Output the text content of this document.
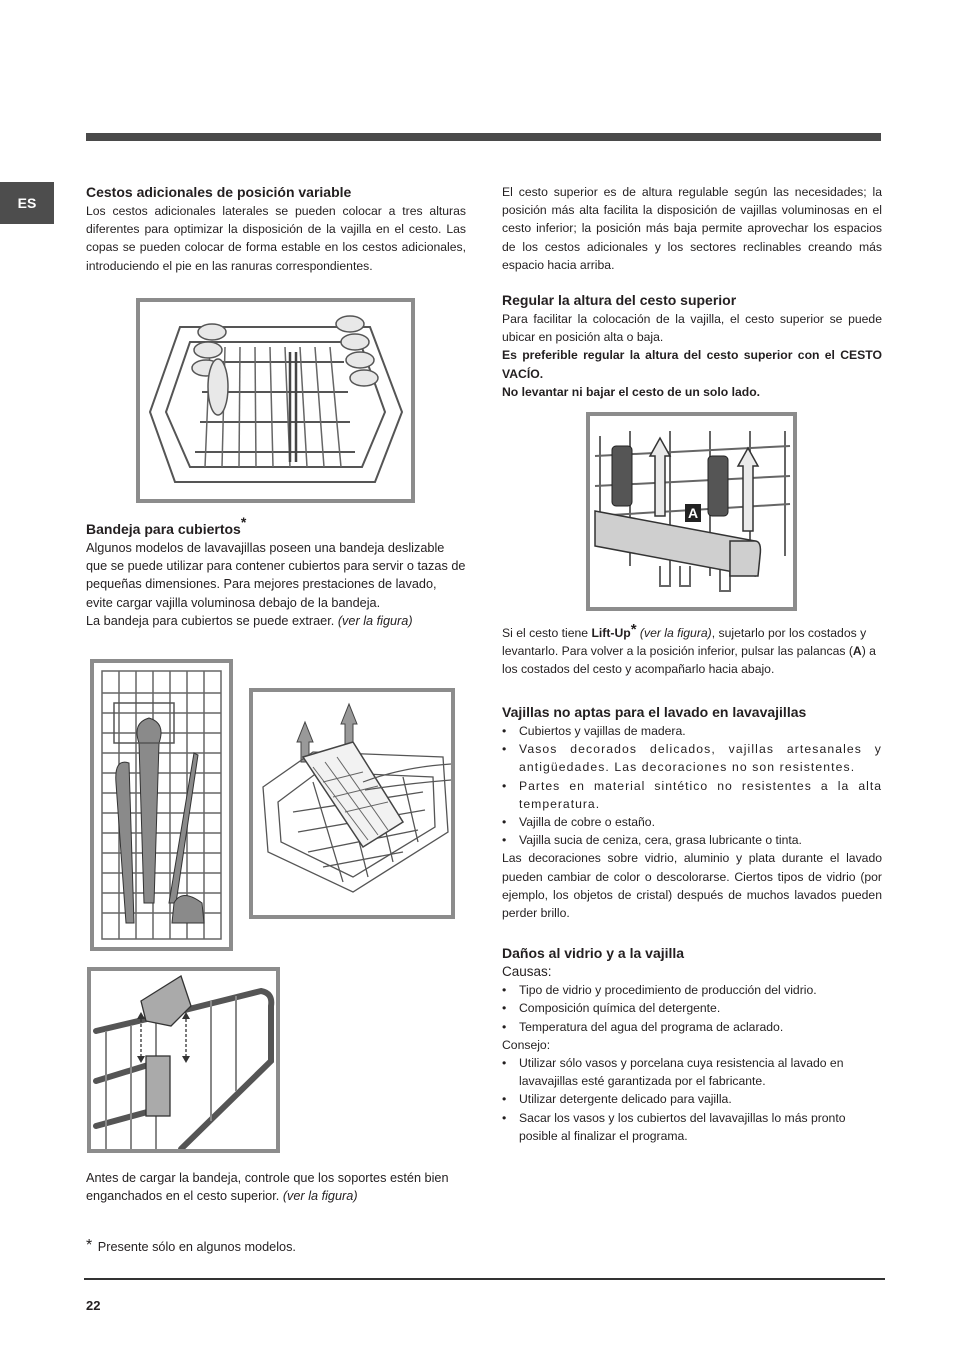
ES
Cestos adicionales de posición variable

Los cestos adicionales laterales se pueden colocar a tres alturas diferentes para optimizar la disposición de la vajilla en el cesto. Las copas se pueden colocar de forma estable en los cestos adicionales, introduciendo el pie en las ranuras correspondientes.

Bandeja para cubiertos*

Algunos modelos de lavavajillas poseen una bandeja deslizable que se puede utilizar para contener cubiertos para servir o tazas de pequeñas dimensiones. Para mejores prestaciones de lavado, evite cargar vajilla voluminosa debajo de la bandeja.

La bandeja para cubiertos se puede extraer. (ver la figura)

Antes de cargar la bandeja, controle que los soportes estén bien enganchados en el cesto superior. (ver la figura)

El cesto superior es de altura regulable según las necesidades; la posición más alta facilita la disposición de vajillas voluminosas en el cesto inferior; la posición más baja permite aprovechar los espacios de los cestos adicionales y los sectores reclinables creando más espacio hacia arriba.

Regular la altura del cesto superior

Para facilitar la colocación de la vajilla, el cesto superior se puede ubicar en posición alta o baja.

Es preferible regular la altura del cesto superior con el CESTO VACÍO.

No levantar ni bajar el cesto de un solo lado.

A

Si el cesto tiene Lift-Up* (ver la figura), sujetarlo por los costados y levantarlo. Para volver a la posición inferior, pulsar las palancas (A) a los costados del cesto y acompañarlo hacia abajo.

Vajillas no aptas para el lavado en lavavajillas
• Cubiertos y vajillas de madera.
• Vasos decorados delicados, vajillas artesanales y antigüedades. Las decoraciones no son resistentes.
• Partes en material sintético no resistentes a la alta temperatura.
• Vajilla de cobre o estaño.
• Vajilla sucia de ceniza, cera, grasa lubricante o tinta.

Las decoraciones sobre vidrio, aluminio y plata durante el lavado pueden cambiar de color o descolorarse. Ciertos tipos de vidrio (por ejemplo, los objetos de cristal) después de muchos lavados pueden perder brillo.

Daños al vidrio y a la vajilla

Causas:

• Tipo de vidrio y procedimiento de producción del vidrio.
• Composición química del detergente.
• Temperatura del agua del programa de aclarado.

Consejo:

• Utilizar sólo vasos y porcelana cuya resistencia al lavado en lavavajillas esté garantizada por el fabricante.
• Utilizar detergente delicado para vajilla.
• Sacar los vasos y los cubiertos del lavavajillas lo más pronto posible al finalizar el programa.
* Presente sólo en algunos modelos.
22
